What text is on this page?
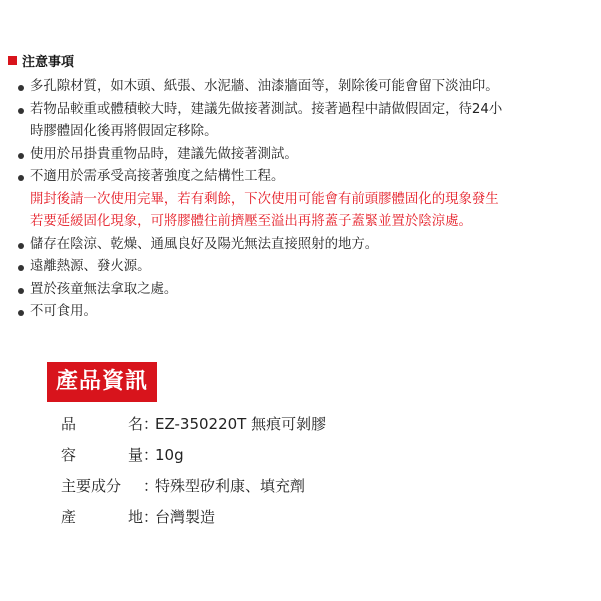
注意事項
多孔隙材質，如木頭、紙張、水泥牆、油漆牆面等，剝除後可能會留下淡油印。
若物品較重或體積較大時，建議先做接著測試。接著過程中請做假固定，待24小
時膠體固化後再將假固定移除。
使用於吊掛貴重物品時，建議先做接著測試。
不適用於需承受高接著強度之結構性工程。
開封後請一次使用完畢，若有剩餘，下次使用可能會有前頭膠體固化的現象發生
若要延緩固化現象，可將膠體往前擠壓至溢出再將蓋子蓋緊並置於陰涼處。
儲存在陰涼、乾燥、通風良好及陽光無法直接照射的地方。
遠離熱源、發火源。
置於孩童無法拿取之處。
不可食用。
產品資訊
品	名 ：
EZ-350220T 無痕可剝膠
容	量 ：
10g
主要成分	：
特殊型矽利康、填充劑
產	地 ：
台灣製造
